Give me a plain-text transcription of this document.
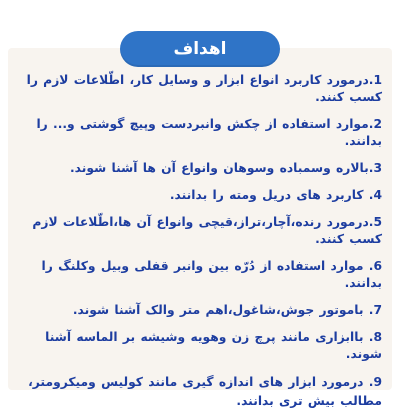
اهداف
1.درمورد کاربرد انواع ابزار و وسایل کار، اطّلاعات لازم را کسب کنند.
2.موارد استفاده از چکش وانبردست وپیچ گوشتی و... را بدانند.
3.بالاره وسمباده وسوهان وانواع آن ها آشنا شوند.
4. کاربرد های دریل ومته را بدانند.
5.درمورد رنده،آچار،تراز،قیچی وانواع آن ها،اطّلاعات لازم کسب کنند.
6. موارد استفاده از دُرّه بین وانبر قفلی وبیل وکلنگ را بدانند.
7. باموتور جوش،شاغول،اهم متر والک آشنا شوند.
8. باابزاری مانند پرچ زن وهویه وشیشه بر الماسه آشنا شوند.
9. درمورد ابزار های اندازه گیری مانند کولیس ومیکرومتر، مطالب بیش تری بدانند.
